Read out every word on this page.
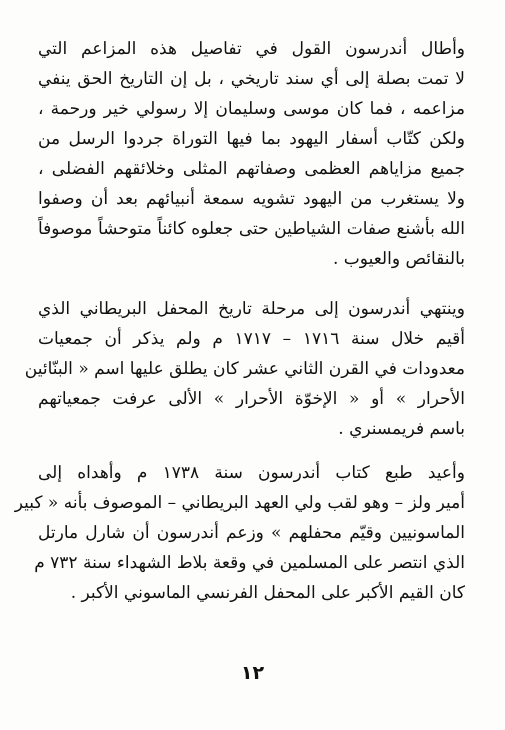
وأطال أندرسون القول في تفاصيل هذه المزاعم التي
لا تمت بصلة إلى أي سند تاريخي ، بل إن التاريخ الحق ينفي
مزاعمه ، فما كان موسى وسليمان إلا رسولي خير ورحمة ،
ولكن كتّاب أسفار اليهود بما فيها التوراة جردوا الرسل من
جميع مزاياهم العظمى وصفاتهم المثلى وخلائقهم الفضلى ،
ولا يستغرب من اليهود تشويه سمعة أنبيائهم بعد أن وصفوا
الله بأشنع صفات الشياطين حتى جعلوه كائناً متوحشاً موصوفاً
بالنقائص والعيوب .
وينتهي أندرسون إلى مرحلة تاريخ المحفل البريطاني الذي
أقيم خلال سنة ١٧١٦ – ١٧١٧ م ولم يذكر أن جمعيات
معدودات في القرن الثاني عشر كان يطلق عليها اسم « البنّائين
الأحرار » أو « الإخوّة الأحرار » الألى عرفت جمعياتهم
باسم فريمسنري .
وأعيد طبع كتاب أندرسون سنة ١٧٣٨ م وأهداه إلى
أمير ولز – وهو لقب ولي العهد البريطاني – الموصوف بأنه « كبير
الماسونيين وقيّم محفلهم » وزعم أندرسون أن شارل مارتل
الذي انتصر على المسلمين في وقعة بلاط الشهداء سنة ٧٣٢ م
كان القيم الأكبر على المحفل الفرنسي الماسوني الأكبر .
١٢
